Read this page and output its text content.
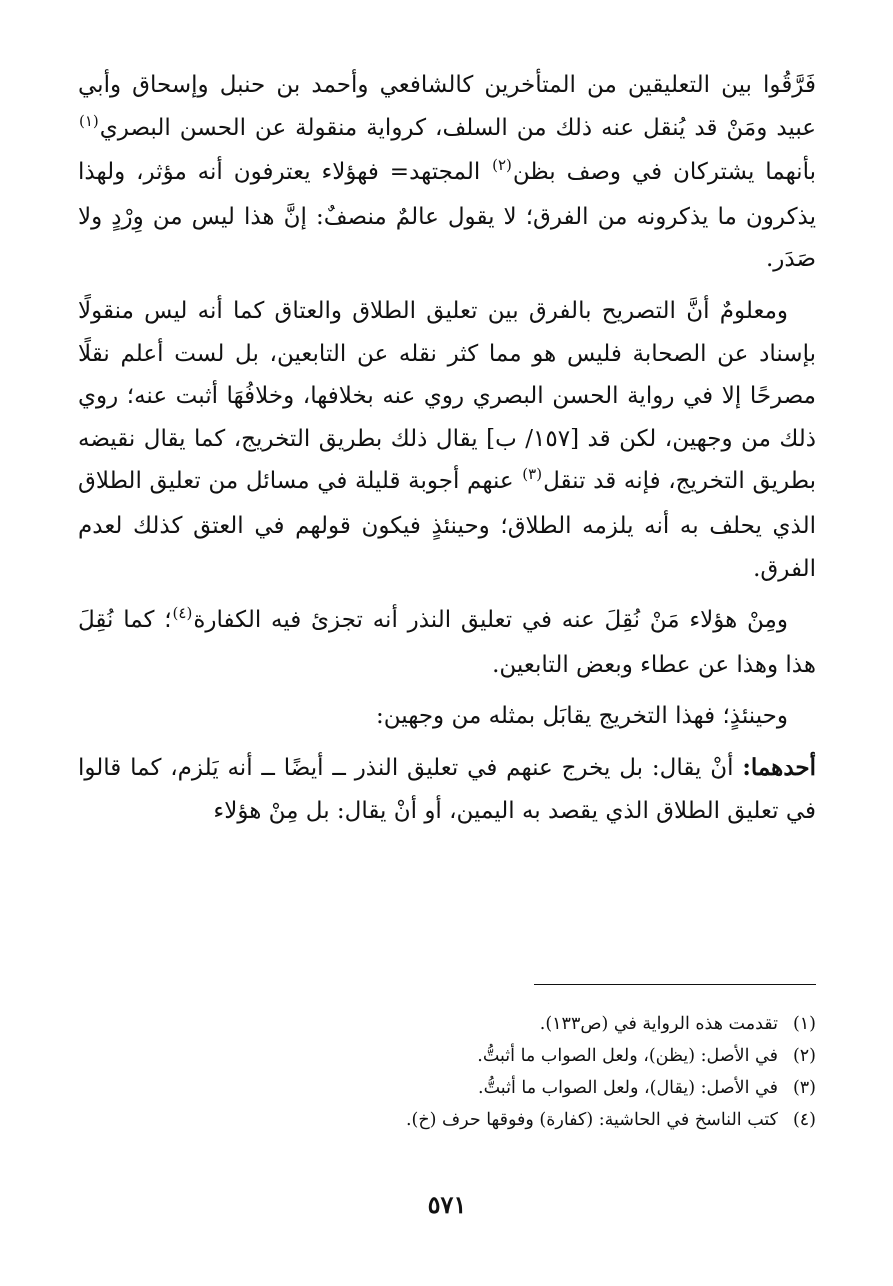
فَرَّقُوا بين التعليقين من المتأخرين كالشافعي وأحمد بن حنبل وإسحاق وأبي عبيد ومَنْ قد يُنقل عنه ذلك من السلف، كرواية منقولة عن الحسن البصري$^{(١)}$ بأنهما يشتركان في وصف بظن$^{(٢)}$ المجتهد= فهؤلاء يعترفون أنه مؤثر، ولهذا يذكرون ما يذكرونه من الفرق؛ لا يقول عالمٌ منصفٌ: إنَّ هذا ليس من وِرْدٍ ولا صَدَر.

ومعلومٌ أنَّ التصريح بالفرق بين تعليق الطلاق والعتاق كما أنه ليس منقولًا بإسناد عن الصحابة فليس هو مما كثر نقله عن التابعين، بل لست أعلم نقلًا مصرحًا إلا في رواية الحسن البصري روي عنه بخلافها، وخلافُهَا أثبت عنه؛ روي ذلك من وجهين، لكن قد [١٥٧/ ب] يقال ذلك بطريق التخريج، كما يقال نقيضه بطريق التخريج، فإنه قد تنقل$^{(٣)}$ عنهم أجوبة قليلة في مسائل من تعليق الطلاق الذي يحلف به أنه يلزمه الطلاق؛ وحينئذٍ فيكون قولهم في العتق كذلك لعدم الفرق.

ومِنْ هؤلاء مَنْ نُقِلَ عنه في تعليق النذر أنه تجزئ فيه الكفارة$^{(٤)}$؛ كما نُقِلَ هذا وهذا عن عطاء وبعض التابعين.

وحينئذٍ؛ فهذا التخريج يقابَل بمثله من وجهين:

أحدهما: أنْ يقال: بل يخرج عنهم في تعليق النذر ــ أيضًا ــ أنه يَلزم، كما قالوا في تعليق الطلاق الذي يقصد به اليمين، أو أنْ يقال: بل مِنْ هؤلاء

(١)تقدمت هذه الرواية في (ص١٣٣).

(٢)في الأصل: (يظن)، ولعل الصواب ما أثبتُّ.

(٣)في الأصل: (يقال)، ولعل الصواب ما أثبتُّ.

(٤)كتب الناسخ في الحاشية: (كفارة) وفوقها حرف (خ).

٥٧١
